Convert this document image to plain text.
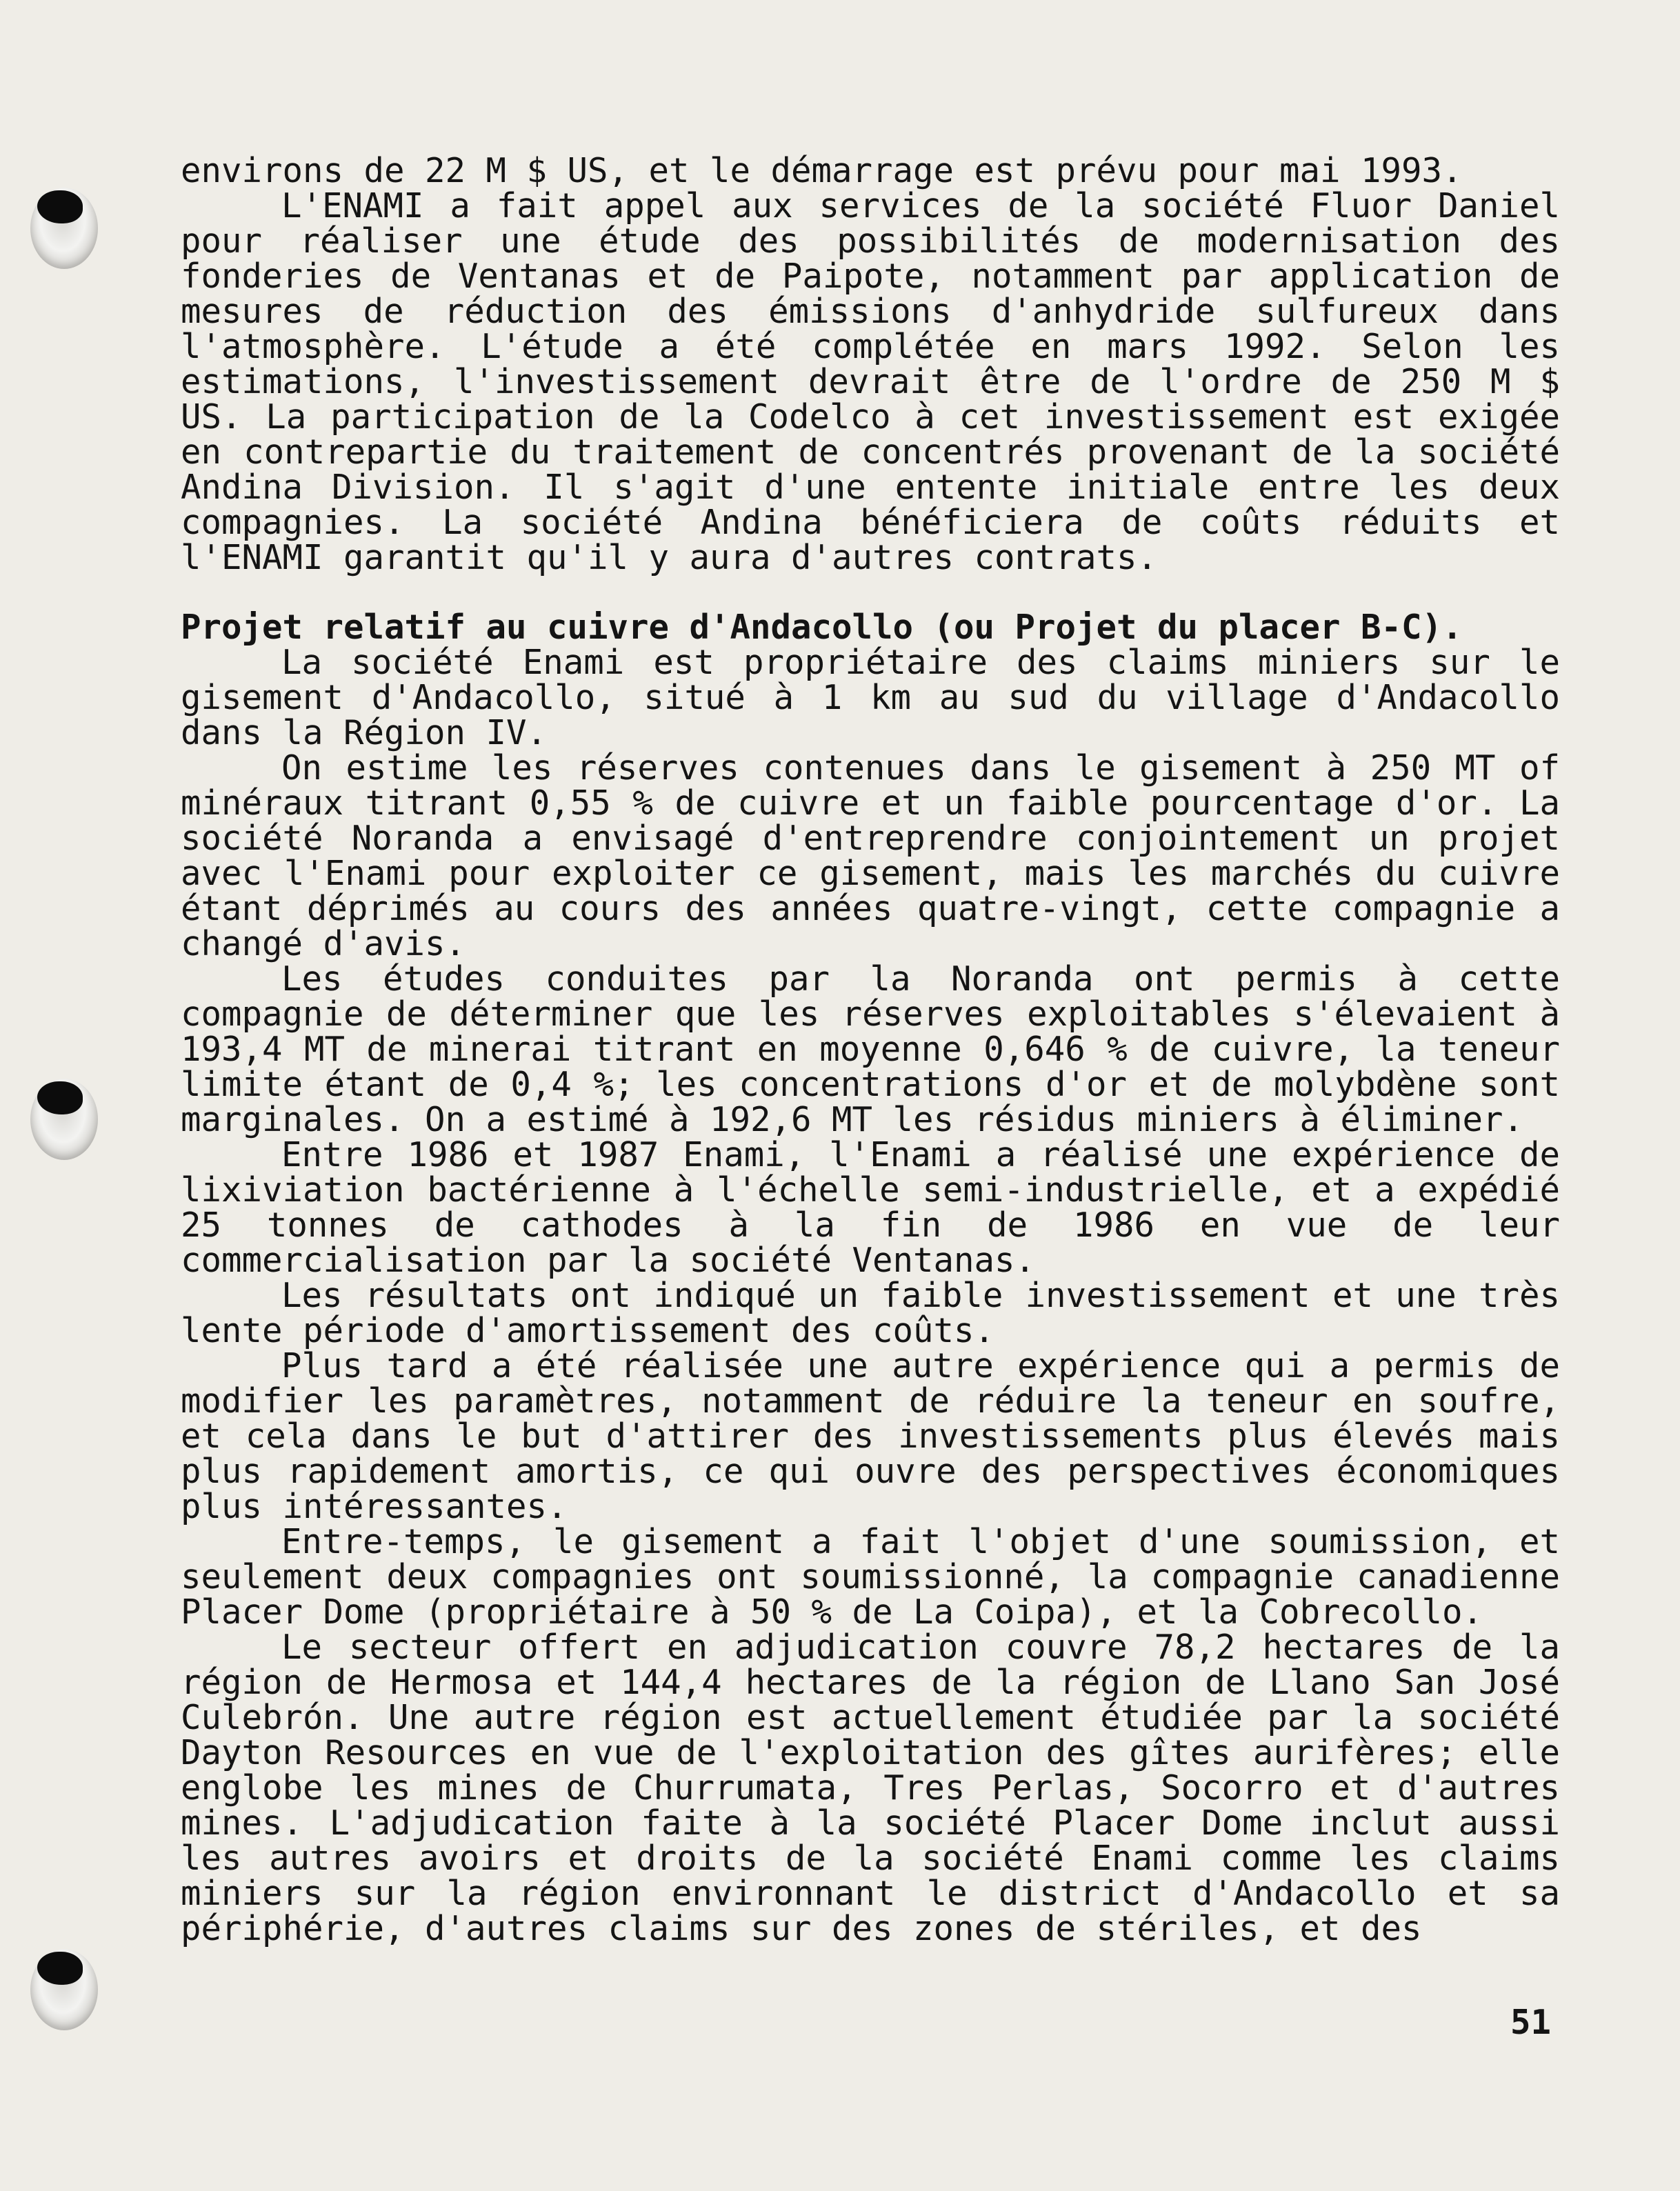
environs de 22 M $ US, et le démarrage est prévu pour mai 1993.

L'ENAMI a fait appel aux services de la société Fluor Daniel pour réaliser une étude des possibilités de modernisation des fonderies de Ventanas et de Paipote, notamment par application de mesures de réduction des émissions d'anhydride sulfureux dans l'atmosphère. L'étude a été complétée en mars 1992. Selon les estimations, l'investissement devrait être de l'ordre de 250 M $ US. La participation de la Codelco à cet investissement est exigée en contrepartie du traitement de concentrés provenant de la société Andina Division. Il s'agit d'une entente initiale entre les deux compagnies. La société Andina bénéficiera de coûts réduits et l'ENAMI garantit qu'il y aura d'autres contrats.

Projet relatif au cuivre d'Andacollo (ou Projet du placer B-C).

La société Enami est propriétaire des claims miniers sur le gisement d'Andacollo, situé à 1 km au sud du village d'Andacollo dans la Région IV.

On estime les réserves contenues dans le gisement à 250 MT of minéraux titrant 0,55 % de cuivre et un faible pourcentage d'or. La société Noranda a envisagé d'entreprendre conjointement un projet avec l'Enami pour exploiter ce gisement, mais les marchés du cuivre étant déprimés au cours des années quatre-vingt, cette compagnie a changé d'avis.

Les études conduites par la Noranda ont permis à cette compagnie de déterminer que les réserves exploitables s'élevaient à 193,4 MT de minerai titrant en moyenne 0,646 % de cuivre, la teneur limite étant de 0,4 %; les concentrations d'or et de molybdène sont marginales. On a estimé à 192,6 MT les résidus miniers à éliminer.

Entre 1986 et 1987 Enami, l'Enami a réalisé une expérience de lixiviation bactérienne à l'échelle semi-industrielle, et a expédié 25 tonnes de cathodes à la fin de 1986 en vue de leur commercialisation par la société Ventanas.

Les résultats ont indiqué un faible investissement et une très lente période d'amortissement des coûts.

Plus tard a été réalisée une autre expérience qui a permis de modifier les paramètres, notamment de réduire la teneur en soufre, et cela dans le but d'attirer des investissements plus élevés mais plus rapidement amortis, ce qui ouvre des perspectives économiques plus intéressantes.

Entre-temps, le gisement a fait l'objet d'une soumission, et seulement deux compagnies ont soumissionné, la compagnie canadienne Placer Dome (propriétaire à 50 % de La Coipa), et la Cobrecollo.

Le secteur offert en adjudication couvre 78,2 hectares de la région de Hermosa et 144,4 hectares de la région de Llano San José Culebrón. Une autre région est actuellement étudiée par la société Dayton Resources en vue de l'exploitation des gîtes aurifères; elle englobe les mines de Churrumata, Tres Perlas, Socorro et d'autres mines. L'adjudication faite à la société Placer Dome inclut aussi les autres avoirs et droits de la société Enami comme les claims miniers sur la région environnant le district d'Andacollo et sa périphérie, d'autres claims sur des zones de stériles, et des

51
